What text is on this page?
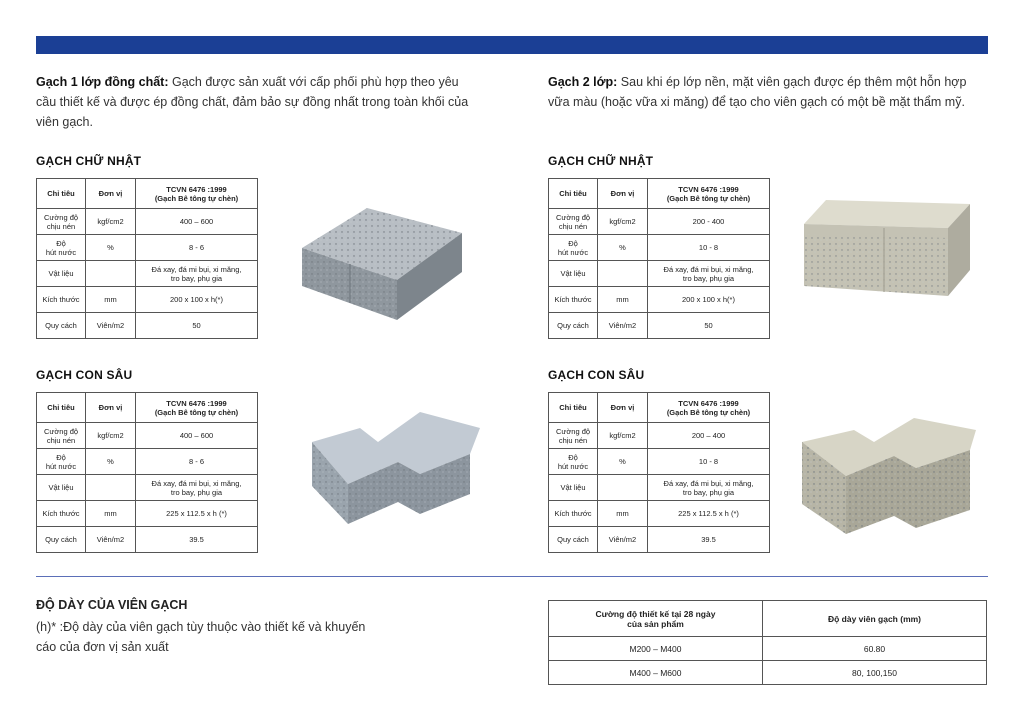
Gạch 1 lớp đồng chất: Gạch được sản xuất với cấp phối phù hợp theo yêu cầu thiết kế và được ép đồng chất, đảm bảo sự đồng nhất trong toàn khối của viên gạch.

Gạch 2 lớp: Sau khi ép lớp nền, mặt viên gạch được ép thêm một hỗn hợp vữa màu (hoặc vữa xi măng) để tạo cho viên gạch có một bề mặt thẩm mỹ.

GẠCH CHỮ NHẬT	GẠCH CHỮ NHẬT
GẠCH CON SÂU	GẠCH CON SÂU
Chỉ tiêu	Đơn vị	TCVN 6476 :1999
(Gạch Bê tông tự chèn)
Cường độ
chịu nén	kgf/cm2	400 – 600
Độ
hút nước	%	8 - 6
Vật liệu		Đá xay, đá mi bụi, xi măng,
tro bay, phụ gia
Kích thước	mm	200 x 100 x h(*)
Quy cách	Viên/m2	50
Chỉ tiêu	Đơn vị	TCVN 6476 :1999
(Gạch Bê tông tự chèn)
Cường độ
chịu nén	kgf/cm2	200 - 400
Độ
hút nước	%	10 - 8
Vật liệu		Đá xay, đá mi bụi, xi măng,
tro bay, phụ gia
Kích thước	mm	200 x 100 x h(*)
Quy cách	Viên/m2	50
Chỉ tiêu	Đơn vị	TCVN 6476 :1999
(Gạch Bê tông tự chèn)
Cường độ
chịu nén	kgf/cm2	400 – 600
Độ
hút nước	%	8 - 6
Vật liệu		Đá xay, đá mi bụi, xi măng,
tro bay, phụ gia
Kích thước	mm	225 x 112.5 x h (*)
Quy cách	Viên/m2	39.5
Chỉ tiêu	Đơn vị	TCVN 6476 :1999
(Gạch Bê tông tự chèn)
Cường độ
chịu nén	kgf/cm2	200 – 400
Độ
hút nước	%	10 - 8
Vật liệu		Đá xay, đá mi bụi, xi măng,
tro bay, phụ gia
Kích thước	mm	225 x 112.5 x h (*)
Quy cách	Viên/m2	39.5
ĐỘ DÀY CỦA VIÊN GẠCH

(h)* :Độ dày của viên gạch tùy thuộc vào thiết kế và khuyến cáo của đơn vị sản xuất

Cường độ thiết kế tại 28 ngày
của sản phẩm	Độ dày viên gạch (mm)
M200 – M400	60.80
M400 – M600	80, 100,150
